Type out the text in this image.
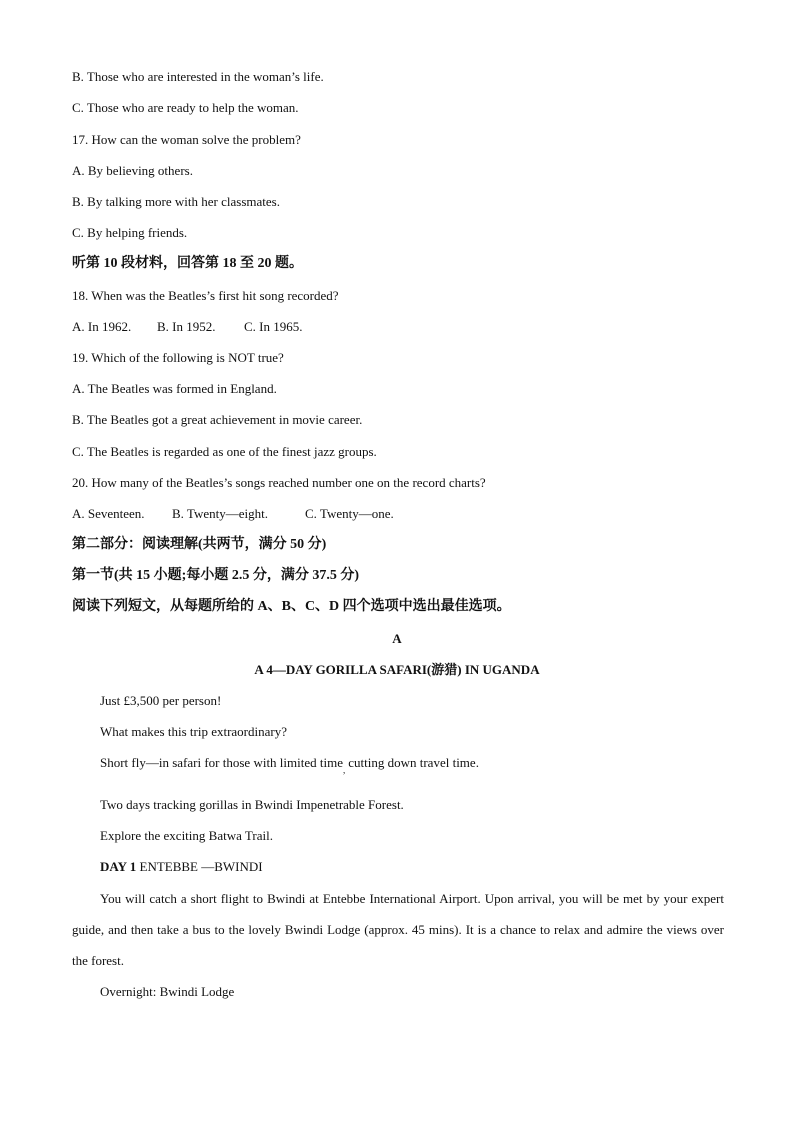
B. Those who are interested in the woman’s life.

C. Those who are ready to help the woman.

17. How can the woman solve the problem?

A. By believing others.

B. By talking more with her classmates.

C. By helping friends.

听第 10 段材料，回答第 18 至 20 题。

18. When was the Beatles’s first hit song recorded?

A. In 1962. B. In 1952. C. In 1965.

19. Which of the following is NOT true?

A. The Beatles was formed in England.

B. The Beatles got a great achievement in movie career.

C. The Beatles is regarded as one of the finest jazz groups.

20. How many of the Beatles’s songs reached number one on the record charts?

A. Seventeen. B. Twenty—eight.	C. Twenty—one.

第二部分：阅读理解(共两节，满分 50 分)

第一节(共 15 小题;每小题 2.5 分，满分 37.5 分)

阅读下列短文，从每题所给的 A、B、C、D 四个选项中选出最佳选项。

A

A 4—DAY GORILLA SAFARI(游猎) IN UGANDA

Just £3,500 per person!

What makes this trip extraordinary?

Short fly—in safari for those with limited time$_,$ cutting down travel time.

Two days tracking gorillas in Bwindi Impenetrable Forest.

Explore the exciting Batwa Trail.

DAY 1 ENTEBBE —BWINDI

You will catch a short flight to Bwindi at Entebbe International Airport. Upon arrival, you will be met by your expert guide, and then take a bus to the lovely Bwindi Lodge (approx. 45 mins). It is a chance to relax and admire the views over the forest.

Overnight: Bwindi Lodge
